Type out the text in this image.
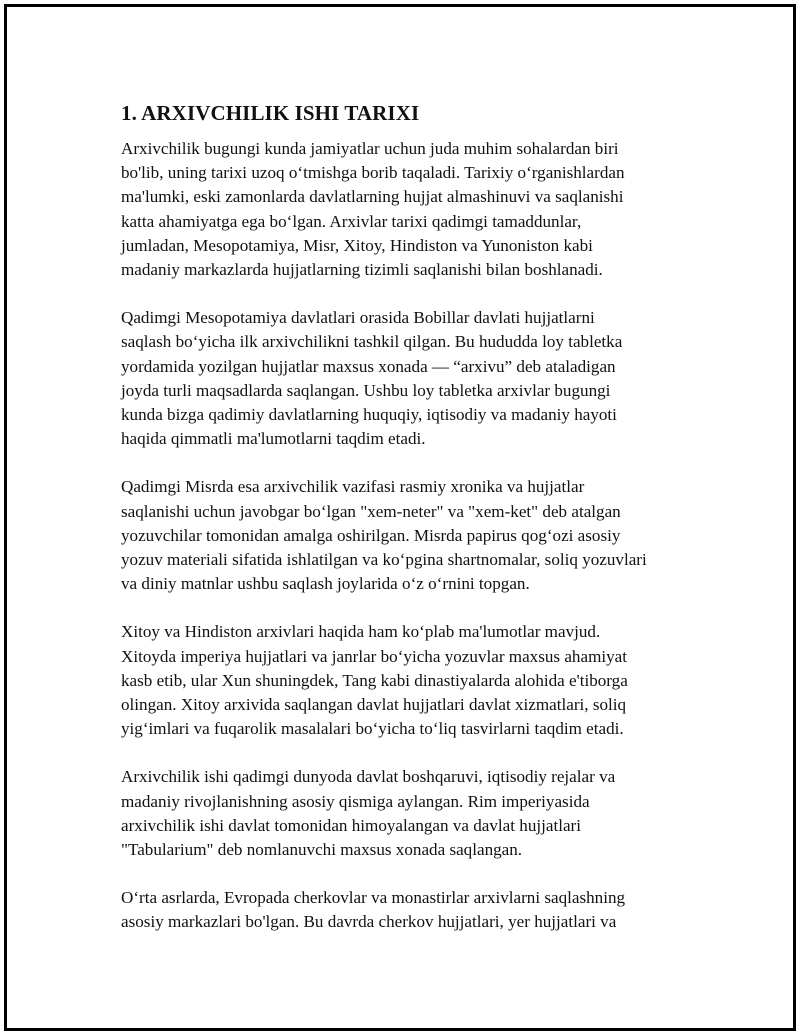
1. ARXIVCHILIK ISHI TARIXI

Arxivchilik bugungi kunda jamiyatlar uchun juda muhim sohalardan biri
bo'lib, uning tarixi uzoq o‘tmishga borib taqaladi. Tarixiy o‘rganishlardan
ma'lumki, eski zamonlarda davlatlarning hujjat almashinuvi va saqlanishi
katta ahamiyatga ega bo‘lgan. Arxivlar tarixi qadimgi tamaddunlar,
jumladan, Mesopotamiya, Misr, Xitoy, Hindiston va Yunoniston kabi
madaniy markazlarda hujjatlarning tizimli saqlanishi bilan boshlanadi.

Qadimgi Mesopotamiya davlatlari orasida Bobillar davlati hujjatlarni
saqlash bo‘yicha ilk arxivchilikni tashkil qilgan. Bu hududda loy tabletka
yordamida yozilgan hujjatlar maxsus xonada — “arxivu” deb ataladigan
joyda turli maqsadlarda saqlangan. Ushbu loy tabletka arxivlar bugungi
kunda bizga qadimiy davlatlarning huquqiy, iqtisodiy va madaniy hayoti
haqida qimmatli ma'lumotlarni taqdim etadi.

Qadimgi Misrda esa arxivchilik vazifasi rasmiy xronika va hujjatlar
saqlanishi uchun javobgar bo‘lgan "xem-neter" va "xem-ket" deb atalgan
yozuvchilar tomonidan amalga oshirilgan. Misrda papirus qog‘ozi asosiy
yozuv materiali sifatida ishlatilgan va ko‘pgina shartnomalar, soliq yozuvlari
va diniy matnlar ushbu saqlash joylarida o‘z o‘rnini topgan.

Xitoy va Hindiston arxivlari haqida ham ko‘plab ma'lumotlar mavjud.
Xitoyda imperiya hujjatlari va janrlar bo‘yicha yozuvlar maxsus ahamiyat
kasb etib, ular Xun shuningdek, Tang kabi dinastiyalarda alohida e'tiborga
olingan. Xitoy arxivida saqlangan davlat hujjatlari davlat xizmatlari, soliq
yig‘imlari va fuqarolik masalalari bo‘yicha to‘liq tasvirlarni taqdim etadi.

Arxivchilik ishi qadimgi dunyoda davlat boshqaruvi, iqtisodiy rejalar va
madaniy rivojlanishning asosiy qismiga aylangan. Rim imperiyasida
arxivchilik ishi davlat tomonidan himoyalangan va davlat hujjatlari
"Tabularium" deb nomlanuvchi maxsus xonada saqlangan.

O‘rta asrlarda, Evropada cherkovlar va monastirlar arxivlarni saqlashning
asosiy markazlari bo'lgan. Bu davrda cherkov hujjatlari, yer hujjatlari va
